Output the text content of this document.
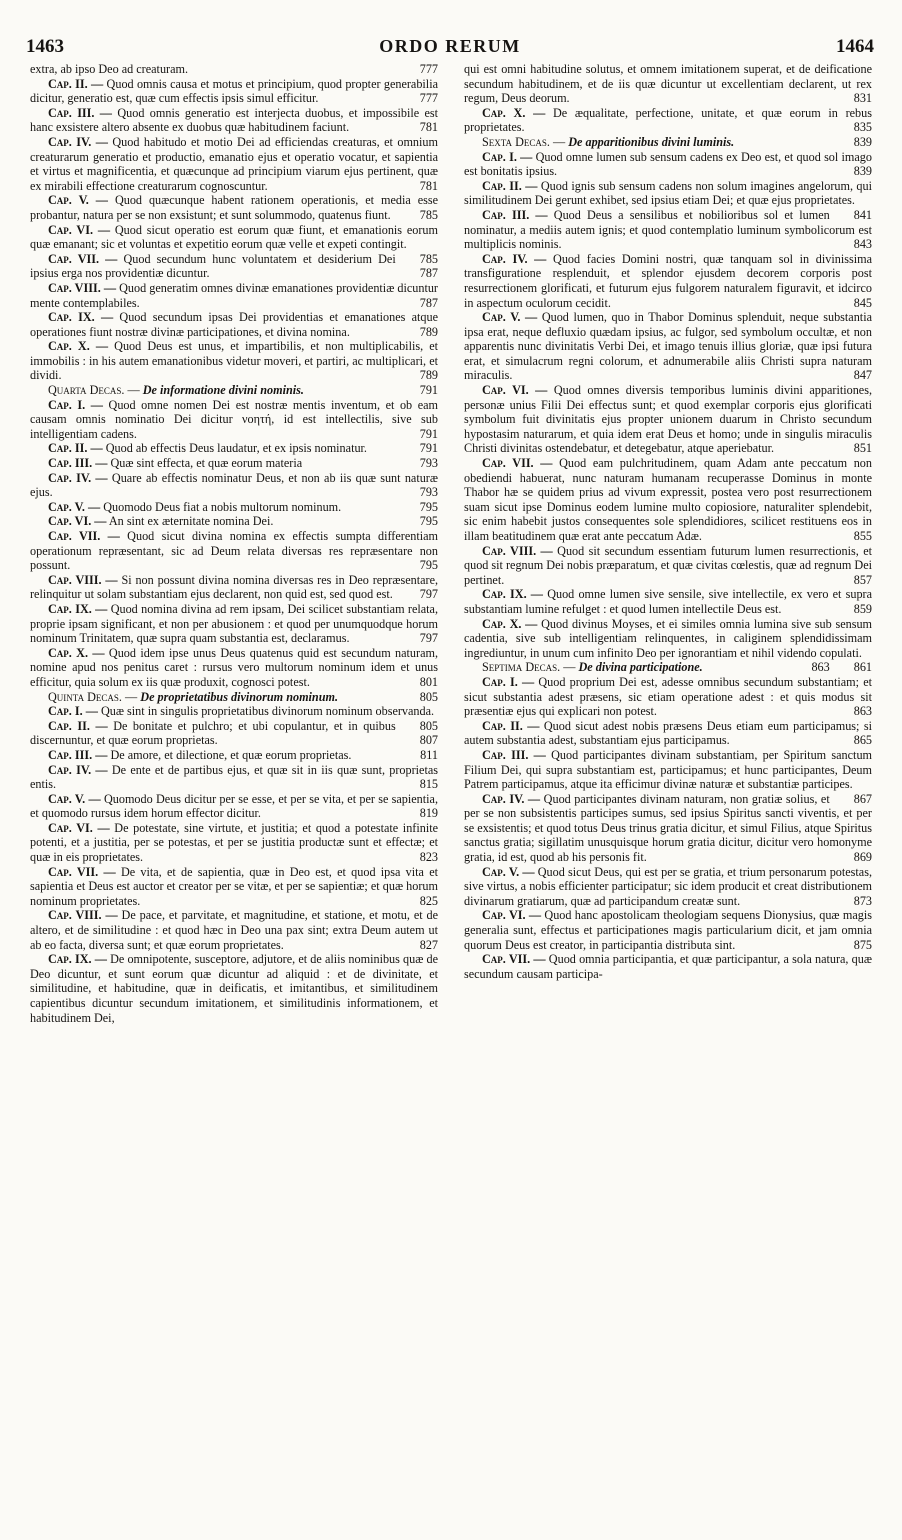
1463	ORDO RERUM	1464

extra, ab ipso Deo ad creaturam.	777

Cap. II. — Quod omnis causa et motus et principium, quod propter generabilia dicitur, generatio est, quæ cum effectis ipsis simul efficitur.	777

Cap. III. — Quod omnis generatio est interjecta duobus, et impossibile est hanc exsistere altero absente ex duobus quæ habitudinem faciunt.	781

Cap. IV. — Quod habitudo et motio Dei ad efficiendas creaturas, et omnium creaturarum generatio et productio, emanatio ejus et operatio vocatur, et sapientia et virtus et magnificentia, et quæcunque ad principium viarum ejus pertinent, quæ ex mirabili effectione creaturarum cognoscuntur.	781

Cap. V. — Quod quæcunque habent rationem operationis, et media esse probantur, natura per se non exsistunt; et sunt solummodo, quatenus fiunt.	785

Cap. VI. — Quod sicut operatio est eorum quæ fiunt, et emanationis eorum quæ emanant; sic et voluntas et expetitio eorum quæ velle et expeti contingit.
785

Cap. VII. — Quod secundum hunc voluntatem et desiderium Dei ipsius erga nos providentiæ dicuntur.	787

Cap. VIII. — Quod generatim omnes divinæ emanationes providentiæ dicuntur mente contemplabiles.	787

Cap. IX. — Quod secundum ipsas Dei providentias et emanationes atque operationes fiunt nostræ divinæ participationes, et divina nomina.	789

Cap. X. — Quod Deus est unus, et impartibilis, et non multiplicabilis, et immobilis : in his autem emanationibus videtur moveri, et partiri, ac multiplicari, et dividi.	789

Quarta Decas. — De informatione divini nominis.	791

Cap. I. — Quod omne nomen Dei est nostræ mentis inventum, et ob eam causam omnis nominatio Dei dicitur νοητή, id est intellectilis, sive sub intelligentiam cadens.	791

Cap. II. — Quod ab effectis Deus laudatur, et ex ipsis nominatur.	791

Cap. III. — Quæ sint effecta, et quæ eorum materia	793

Cap. IV. — Quare ab effectis nominatur Deus, et non ab iis quæ sunt naturæ ejus.	793

Cap. V. — Quomodo Deus fiat a nobis multorum nominum.	795

Cap. VI. — An sint ex æternitate nomina Dei.	795

Cap. VII. — Quod sicut divina nomina ex effectis sumpta differentiam operationum repræsentant, sic ad Deum relata diversas res repræsentare non possunt.	795

Cap. VIII. — Si non possunt divina nomina diversas res in Deo repræsentare, relinquitur ut solam substantiam ejus declarent, non quid est, sed quod est.	797

Cap. IX. — Quod nomina divina ad rem ipsam, Dei scilicet substantiam relata, proprie ipsam significant, et non per abusionem : et quod per unumquodque horum nominum Trinitatem, quæ supra quam substantia est, declaramus.	797

Cap. X. — Quod idem ipse unus Deus quatenus quid est secundum naturam, nomine apud nos penitus caret : rursus vero multorum nominum idem et unus efficitur, quia solum ex iis quæ produxit, cognosci potest.	801

Quinta Decas. — De proprietatibus divinorum nominum.	805

Cap. I. — Quæ sint in singulis proprietatibus divinorum nominum observanda.
805

Cap. II. — De bonitate et pulchro; et ubi copulantur, et in quibus discernuntur, et quæ eorum proprietas.	807

Cap. III. — De amore, et dilectione, et quæ eorum proprietas.	811

Cap. IV. — De ente et de partibus ejus, et quæ sit in iis quæ sunt, proprietas entis.	815

Cap. V. — Quomodo Deus dicitur per se esse, et per se vita, et per se sapientia, et quomodo rursus idem horum effector dicitur.	819

Cap. VI. — De potestate, sine virtute, et justitia; et quod a potestate infinite potenti, et a justitia, per se potestas, et per se justitia productæ sunt et effectæ; et quæ in eis proprietates.	823

Cap. VII. — De vita, et de sapientia, quæ in Deo est, et quod ipsa vita et sapientia et Deus est auctor et creator per se vitæ, et per se sapientiæ; et quæ horum nominum proprietates.	825

Cap. VIII. — De pace, et parvitate, et magnitudine, et statione, et motu, et de altero, et de similitudine : et quod hæc in Deo una pax sint; extra Deum autem ut ab eo facta, diversa sunt; et quæ eorum proprietates.	827

Cap. IX. — De omnipotente, susceptore, adjutore, et de aliis nominibus quæ de Deo dicuntur, et sunt eorum quæ dicuntur ad aliquid : et de divinitate, et similitudine, et habitudine, quæ in deificatis, et imitantibus, et similitudinem capientibus dicuntur secundum imitationem, et similitudinis informationem, et habitudinem Dei,

qui est omni habitudine solutus, et omnem imitationem superat, et de deificatione secundum habitudinem, et de iis quæ dicuntur ut excellentiam declarent, ut rex regum, Deus deorum.	831

Cap. X. — De æqualitate, perfectione, unitate, et quæ eorum in rebus proprietates.	835

Sexta Decas. — De apparitionibus divini luminis.	839

Cap. I. — Quod omne lumen sub sensum cadens ex Deo est, et quod sol imago est bonitatis ipsius.	839

Cap. II. — Quod ignis sub sensum cadens non solum imagines angelorum, qui similitudinem Dei gerunt exhibet, sed ipsius etiam Dei; et quæ ejus proprietates.
841

Cap. III. — Quod Deus a sensilibus et nobilioribus sol et lumen nominatur, a mediis autem ignis; et quod contemplatio luminum symbolicorum est multiplicis nominis.	843

Cap. IV. — Quod facies Domini nostri, quæ tanquam sol in divinissima transfiguratione resplenduit, et splendor ejusdem decorem corporis post resurrectionem glorificati, et futurum ejus fulgorem naturalem figuravit, et idcirco in aspectum oculorum cecidit.	845

Cap. V. — Quod lumen, quo in Thabor Dominus splenduit, neque substantia ipsa erat, neque defluxio quædam ipsius, ac fulgor, sed symbolum occultæ, et non apparentis nunc divinitatis Verbi Dei, et imago tenuis illius gloriæ, quæ ipsi futura erat, et simulacrum regni colorum, et adnumerabile aliis Christi supra naturam miraculis.	847

Cap. VI. — Quod omnes diversis temporibus luminis divini apparitiones, personæ unius Filii Dei effectus sunt; et quod exemplar corporis ejus glorificati symbolum fuit divinitatis ejus propter unionem duarum in Christo secundum hypostasim naturarum, et quia idem erat Deus et homo; unde in singulis miraculis Christi divinitas ostendebatur, et detegebatur, atque aperiebatur.	851

Cap. VII. — Quod eam pulchritudinem, quam Adam ante peccatum non obediendi habuerat, nunc naturam humanam recuperasse Dominus in monte Thabor hæ se quidem prius ad vivum expressit, postea vero post resurrectionem suam sicut ipse Dominus eodem lumine multo copiosiore, naturaliter splendebit, sic enim habebit justos consequentes sole splendidiores, scilicet restituens eos in illam beatitudinem quæ erat ante peccatum Adæ.	855

Cap. VIII. — Quod sit secundum essentiam futurum lumen resurrectionis, et quod sit regnum Dei nobis præparatum, et quæ civitas cœlestis, quæ ad regnum Dei pertinet.	857

Cap. IX. — Quod omne lumen sive sensile, sive intellectile, ex vero et supra substantiam lumine refulget : et quod lumen intellectile Deus est.	859

Cap. X. — Quod divinus Moyses, et ei similes omnia lumina sive sub sensum cadentia, sive sub intelligentiam relinquentes, in caliginem splendidissimam ingrediuntur, in unum cum infinito Deo per ignorantiam et nihil videndo copulati.
861

Septima Decas. — De divina participatione.	863

Cap. I. — Quod proprium Dei est, adesse omnibus secundum substantiam; et sicut substantia adest præsens, sic etiam operatione adest : et quis modus sit præsentiæ ejus qui explicari non potest.	863

Cap. II. — Quod sicut adest nobis præsens Deus etiam eum participamus; si autem substantia adest, substantiam ejus participamus.	865

Cap. III. — Quod participantes divinam substantiam, per Spiritum sanctum Filium Dei, qui supra substantiam est, participamus; et hunc participantes, Deum Patrem participamus, atque ita efficimur divinæ naturæ et substantiæ participes.
867

Cap. IV. — Quod participantes divinam naturam, non gratiæ solius, et per se non subsistentis participes sumus, sed ipsius Spiritus sancti viventis, et per se exsistentis; et quod totus Deus trinus gratia dicitur, et simul Filius, atque Spiritus sanctus gratia; sigillatim unusquisque horum gratia dicitur, dicitur vero homonyme gratia, id est, quod ab his personis fit.	869

Cap. V. — Quod sicut Deus, qui est per se gratia, et trium personarum potestas, sive virtus, a nobis efficienter participatur; sic idem producit et creat distributionem divinarum gratiarum, quæ ad participandum creatæ sunt.	873

Cap. VI. — Quod hanc apostolicam theologiam sequens Dionysius, quæ magis generalia sunt, effectus et participationes magis particularium dicit, et jam omnia quorum Deus est creator, in participantia distributa sint.	875

Cap. VII. — Quod omnia participantia, et quæ participantur, a sola natura, quæ secundum causam participa-
